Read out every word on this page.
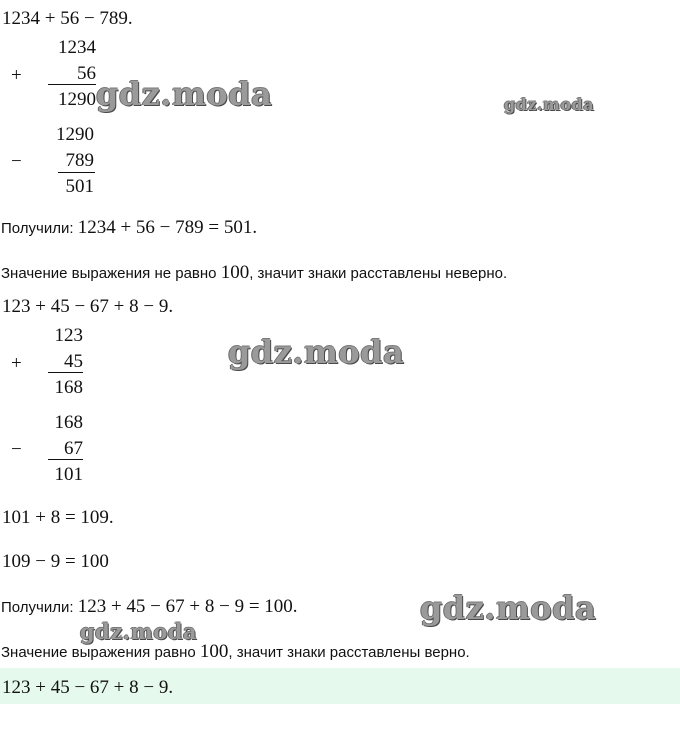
1234 + 56 − 789.
1234
+	56
1290
1290
−	789
501
Получили: 1234 + 56 − 789 = 501.
Значение выражения не равно 100, значит знаки расставлены неверно.
123 + 45 − 67 + 8 − 9.
123
+	45
168
168
−	67
101
101 + 8 = 109.
109 − 9 = 100
Получили: 123 + 45 − 67 + 8 − 9 = 100.
Значение выражения равно 100, значит знаки расставлены верно.
123 + 45 − 67 + 8 − 9.
gdz.moda	gdz.moda
gdz.moda
gdz.moda
gdz.moda
